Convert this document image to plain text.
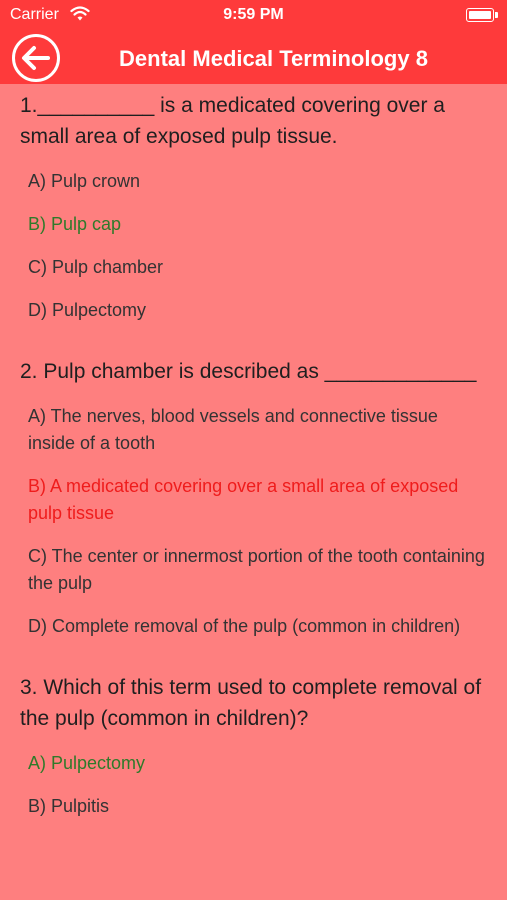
Carrier	9:59 PM
Dental Medical Terminology 8
1.__________ is a medicated covering over a small area of exposed pulp tissue.
A) Pulp crown
B) Pulp cap
C) Pulp chamber
D) Pulpectomy
2. Pulp chamber is described as _____________
A) The nerves, blood vessels and connective tissue inside of a tooth
B) A medicated covering over a small area of exposed pulp tissue
C) The center or innermost portion of the tooth containing the pulp
D) Complete removal of the pulp (common in children)
3. Which of this term used to complete removal of the pulp (common in children)?
A) Pulpectomy
B) Pulpitis
